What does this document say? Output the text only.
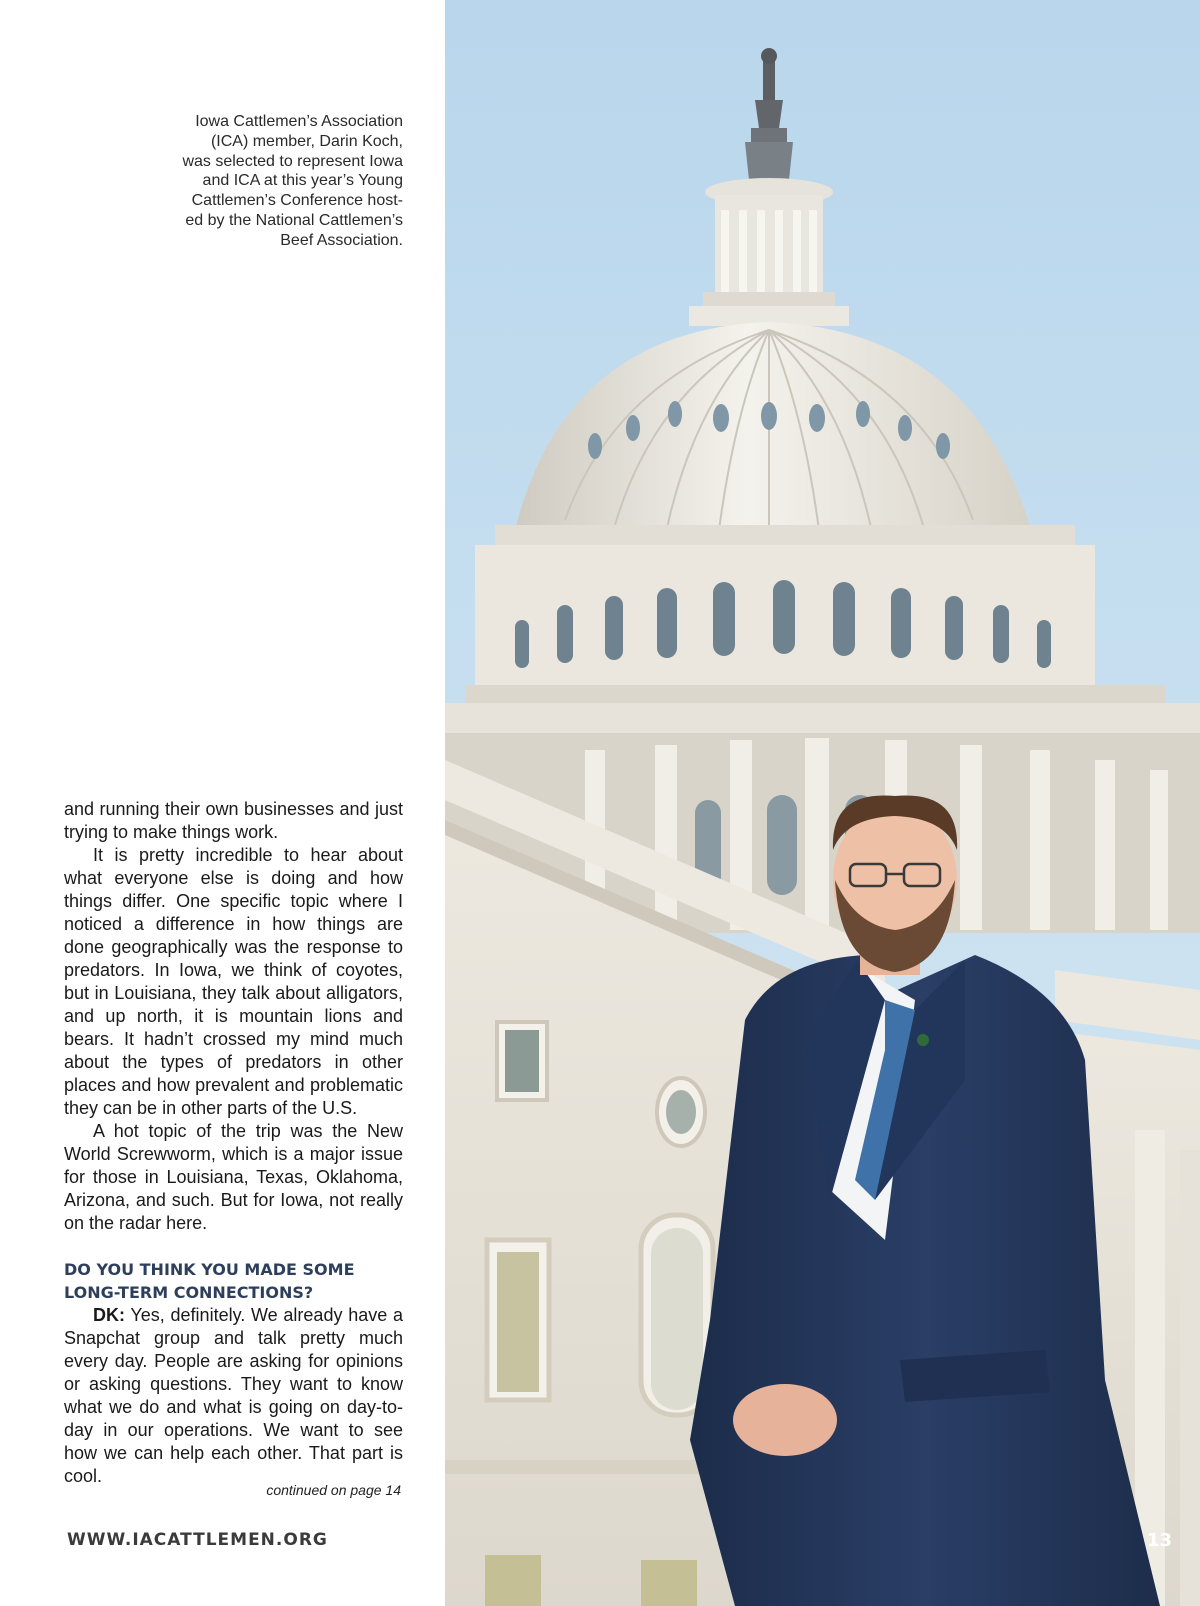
Iowa Cattlemen’s Association
(ICA) member, Darin Koch,
was selected to represent Iowa
and ICA at this year’s Young
Cattlemen’s Conference host-
ed by the National Cattlemen’s
Beef Association.

and running their own businesses and just trying to make things work.

It is pretty incredible to hear about what everyone else is doing and how things differ. One specific topic where I noticed a difference in how things are done geographically was the response to predators. In Iowa, we think of coyotes, but in Louisiana, they talk about alligators, and up north, it is mountain lions and bears. It hadn’t crossed my mind much about the types of predators in other places and how prevalent and problematic they can be in other parts of the U.S.

A hot topic of the trip was the New World Screwworm, which is a major issue for those in Louisiana, Texas, Oklahoma, Arizona, and such. But for Iowa, not really on the radar here.

DO YOU THINK YOU MADE SOME
LONG-TERM CONNECTIONS?

DK: Yes, definitely. We already have a Snapchat group and talk pretty much every day. People are asking for opinions or asking questions. They want to know what we do and what is going on day-to-day in our operations. We want to see how we can help each other. That part is cool.

continued on page 14
WWW.IACATTLEMEN.ORG	13
